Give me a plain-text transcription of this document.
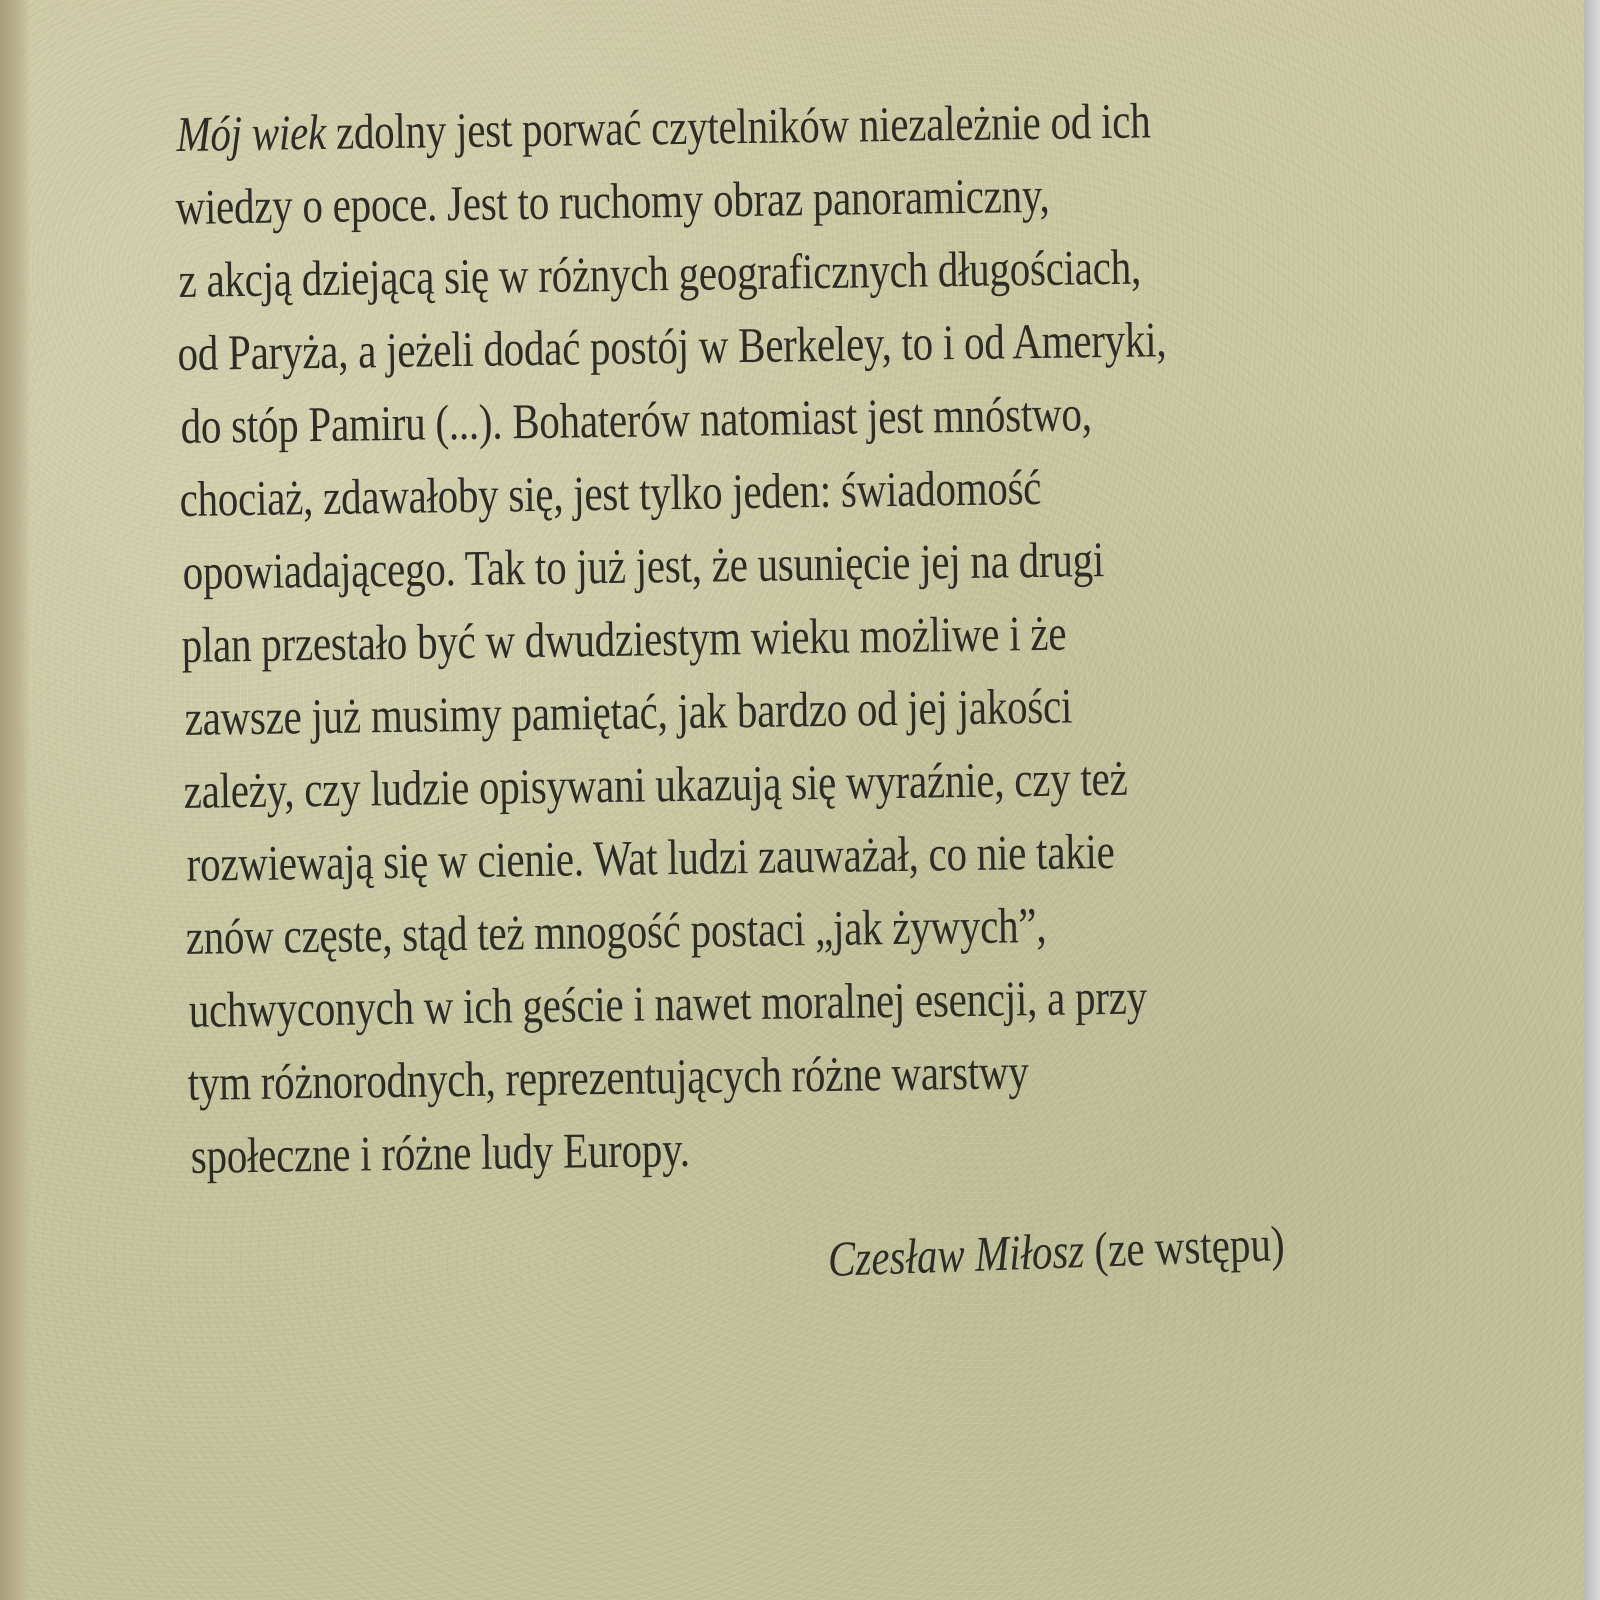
Mój wiek zdolny jest porwać czytelników niezależnie od ich
wiedzy o epoce. Jest to ruchomy obraz panoramiczny,
z akcją dziejącą się w różnych geograficznych długościach,
od Paryża, a jeżeli dodać postój w Berkeley, to i od Ameryki,
do stóp Pamiru (...). Bohaterów natomiast jest mnóstwo,
chociaż, zdawałoby się, jest tylko jeden: świadomość
opowiadającego. Tak to już jest, że usunięcie jej na drugi
plan przestało być w dwudziestym wieku możliwe i że
zawsze już musimy pamiętać, jak bardzo od jej jakości
zależy, czy ludzie opisywani ukazują się wyraźnie, czy też
rozwiewają się w cienie. Wat ludzi zauważał, co nie takie
znów częste, stąd też mnogość postaci „jak żywych”,
uchwyconych w ich geście i nawet moralnej esencji, a przy
tym różnorodnych, reprezentujących różne warstwy
społeczne i różne ludy Europy.
Czesław Miłosz (ze wstępu)
